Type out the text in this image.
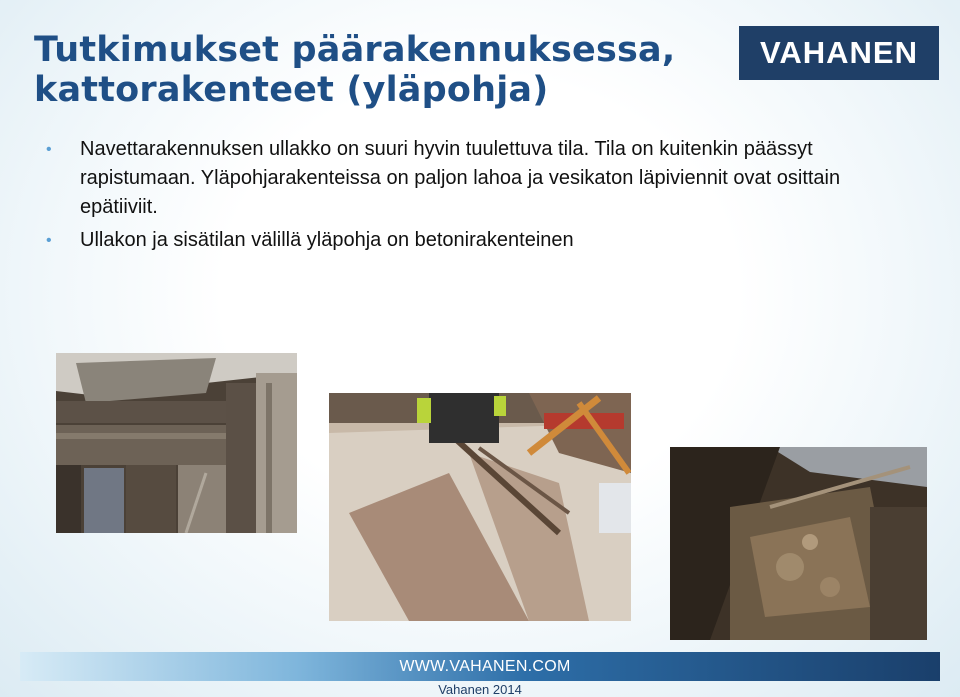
Tutkimukset päärakennuksessa,
kattorakenteet (yläpohja)
VAHANEN
• Navettarakennuksen ullakko on suuri hyvin tuulettuva tila. Tila on kuitenkin päässyt rapistumaan. Yläpohjarakenteissa on paljon lahoa ja vesikaton läpiviennit ovat osittain epätiiviit.
• Ullakon ja sisätilan välillä yläpohja on betonirakenteinen
WWW.VAHANEN.COM
Vahanen 2014
